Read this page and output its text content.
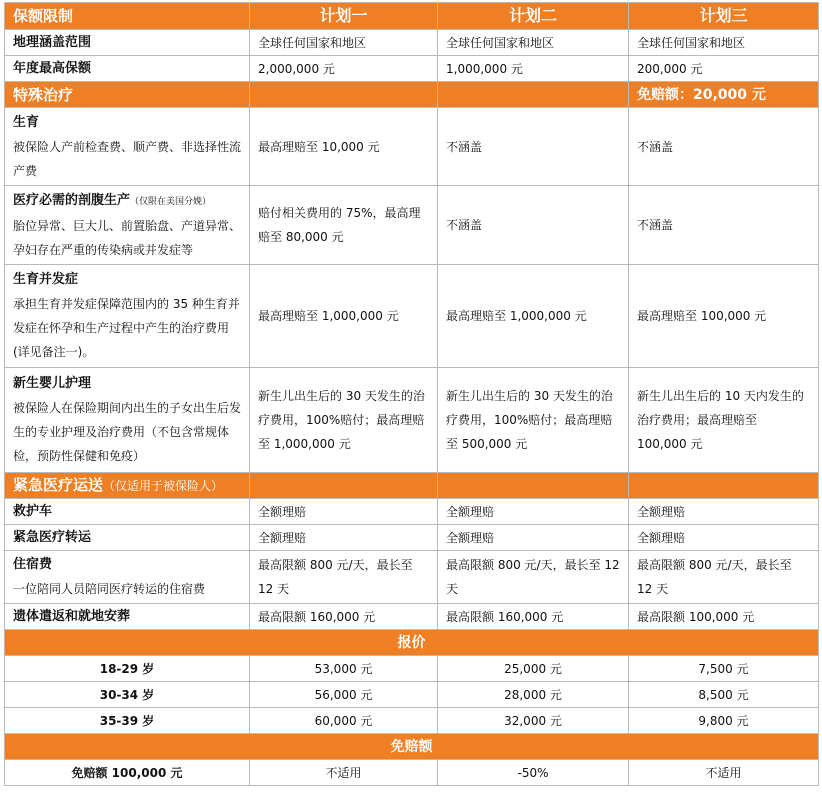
保额限制	计划一	计划二	计划三
地理涵盖范围	全球任何国家和地区	全球任何国家和地区	全球任何国家和地区
年度最高保额	2,000,000 元	1,000,000 元	200,000 元
特殊治疗			免赔额：20,000 元

生育
被保险人产前检查费、顺产费、非选择性流产费	最高理赔至 10,000 元	不涵盖	不涵盖

医疗必需的剖腹生产（仅限在美国分娩）
胎位异常、巨大儿、前置胎盘、产道异常、孕妇存在严重的传染病或并发症等	赔付相关费用的 75%，最高理赔至 80,000 元	不涵盖	不涵盖

生育并发症
承担生育并发症保障范围内的 35 种生育并发症在怀孕和生产过程中产生的治疗费用(详见备注一)。	最高理赔至 1,000,000 元	最高理赔至 1,000,000 元	最高理赔至 100,000 元

新生婴儿护理
被保险人在保险期间内出生的子女出生后发生的专业护理及治疗费用（不包含常规体检，预防性保健和免疫）	新生儿出生后的 30 天发生的治疗费用，100%赔付；最高理赔至 1,000,000 元	新生儿出生后的 30 天发生的治疗费用，100%赔付；最高理赔至 500,000 元	新生儿出生后的 10 天内发生的治疗费用；最高理赔至 100,000 元
紧急医疗运送（仅适用于被保险人）			
救护车	全额理赔	全额理赔	全额理赔
紧急医疗转运	全额理赔	全额理赔	全额理赔

住宿费
一位陪同人员陪同医疗转运的住宿费	最高限额 800 元/天，最长至 12 天	最高限额 800 元/天，最长至 12 天	最高限额 800 元/天，最长至 12 天
遗体遣返和就地安葬	最高限额 160,000 元	最高限额 160,000 元	最高限额 100,000 元
报价			
18-29 岁	53,000 元	25,000 元	7,500 元
30-34 岁	56,000 元	28,000 元	8,500 元
35-39 岁	60,000 元	32,000 元	9,800 元
免赔额			
免赔额 100,000 元	不适用	-50%	不适用
